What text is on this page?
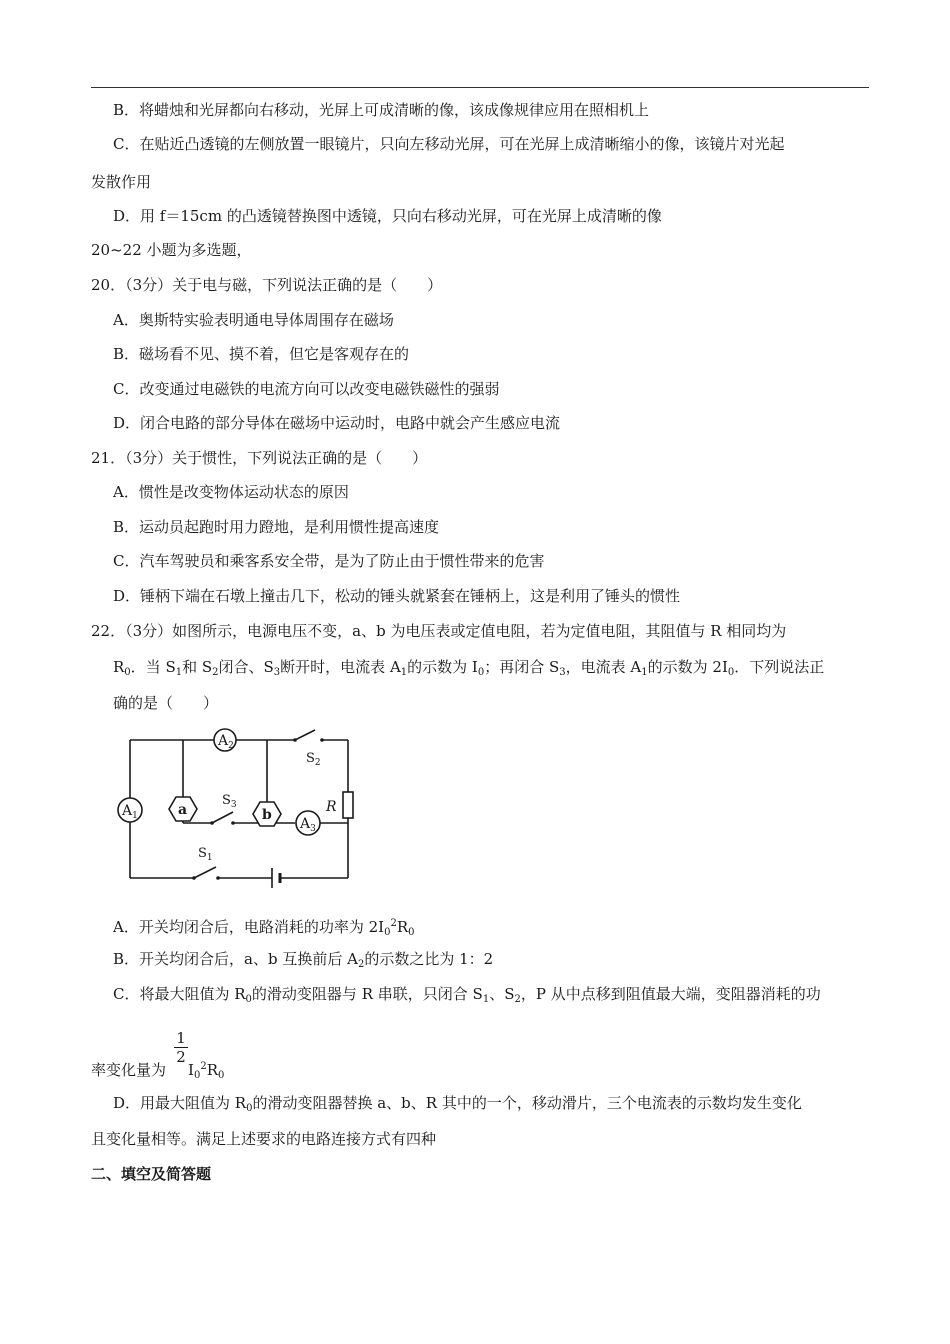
B．将蜡烛和光屏都向右移动，光屏上可成清晰的像，该成像规律应用在照相机上
C．在贴近凸透镜的左侧放置一眼镜片，只向左移动光屏，可在光屏上成清晰缩小的像，该镜片对光起
发散作用
D．用 f＝15cm 的凸透镜替换图中透镜，只向右移动光屏，可在光屏上成清晰的像
20~22 小题为多选题，
20．（3分）关于电与磁，下列说法正确的是（　　）
A．奥斯特实验表明通电导体周围存在磁场
B．磁场看不见、摸不着，但它是客观存在的
C．改变通过电磁铁的电流方向可以改变电磁铁磁性的强弱
D．闭合电路的部分导体在磁场中运动时，电路中就会产生感应电流
21．（3分）关于惯性，下列说法正确的是（　　）
A．惯性是改变物体运动状态的原因
B．运动员起跑时用力蹬地，是利用惯性提高速度
C．汽车驾驶员和乘客系安全带，是为了防止由于惯性带来的危害
D．锤柄下端在石墩上撞击几下，松动的锤头就紧套在锤柄上，这是利用了锤头的惯性
22．（3分）如图所示，电源电压不变，a、b 为电压表或定值电阻，若为定值电阻，其阻值与 R 相同均为
$R_0$．当 $S_1$和 $S_2$闭合、$S_3$断开时，电流表 $A_1$的示数为 $I_0$；再闭合 $S_3$，电流表 $A_1$的示数为 $2I_0$．下列说法正
确的是（　　）
$A_2$
$A_1$	$A_3$
a	b
$S_2$
$S_3$
$S_1$
R
A．开关均闭合后，电路消耗的功率为 $2I_0^2R_0$
B．开关均闭合后，a、b 互换前后 $A_2$的示数之比为 1：2
C．将最大阻值为 $R_0$的滑动变阻器与 R 串联，只闭合 $S_1$、$S_2$，P 从中点移到阻值最大端，变阻器消耗的功
1
2
率变化量为 $I_0^2R_0$
D．用最大阻值为 $R_0$的滑动变阻器替换 a、b、R 其中的一个，移动滑片，三个电流表的示数均发生变化
且变化量相等。满足上述要求的电路连接方式有四种
二、填空及简答题
